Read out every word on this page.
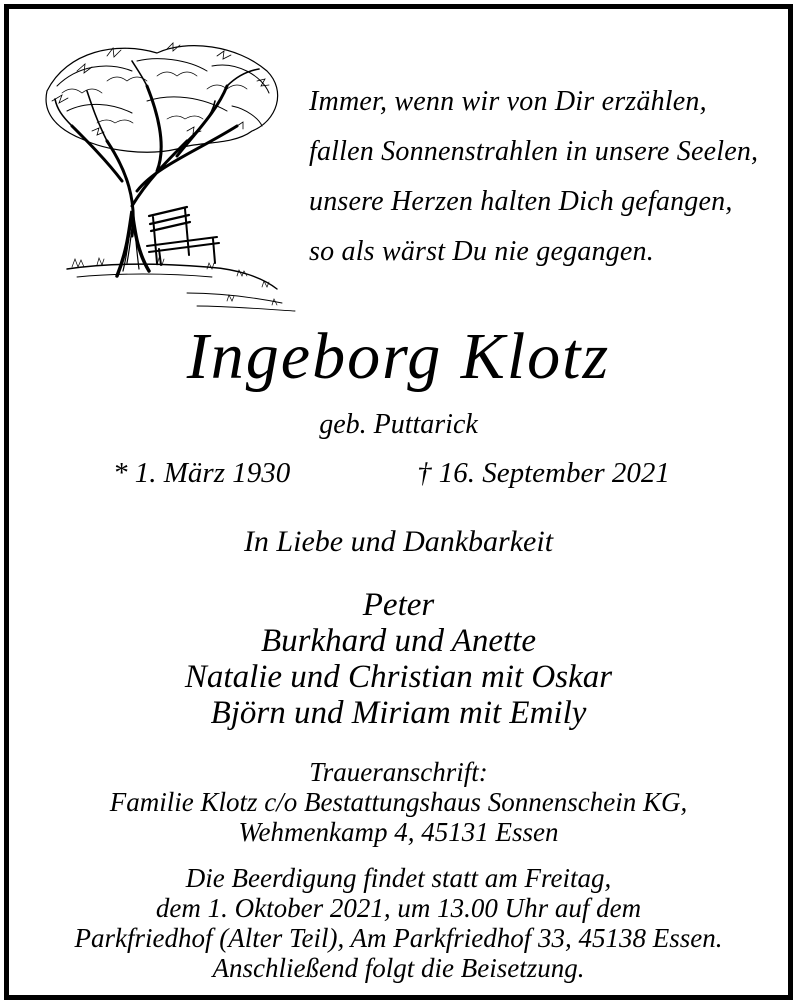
Immer, wenn wir von Dir erzählen,
fallen Sonnenstrahlen in unsere Seelen,
unsere Herzen halten Dich gefangen,
so als wärst Du nie gegangen.
Ingeborg Klotz
geb. Puttarick
* 1. März 1930	† 16. September 2021
In Liebe und Dankbarkeit
Peter
Burkhard und Anette
Natalie und Christian mit Oskar
Björn und Miriam mit Emily
Traueranschrift:
Familie Klotz c/o Bestattungshaus Sonnenschein KG,
Wehmenkamp 4, 45131 Essen
Die Beerdigung findet statt am Freitag,
dem 1. Oktober 2021, um 13.00 Uhr auf dem
Parkfriedhof (Alter Teil), Am Parkfriedhof 33, 45138 Essen.
Anschließend folgt die Beisetzung.
